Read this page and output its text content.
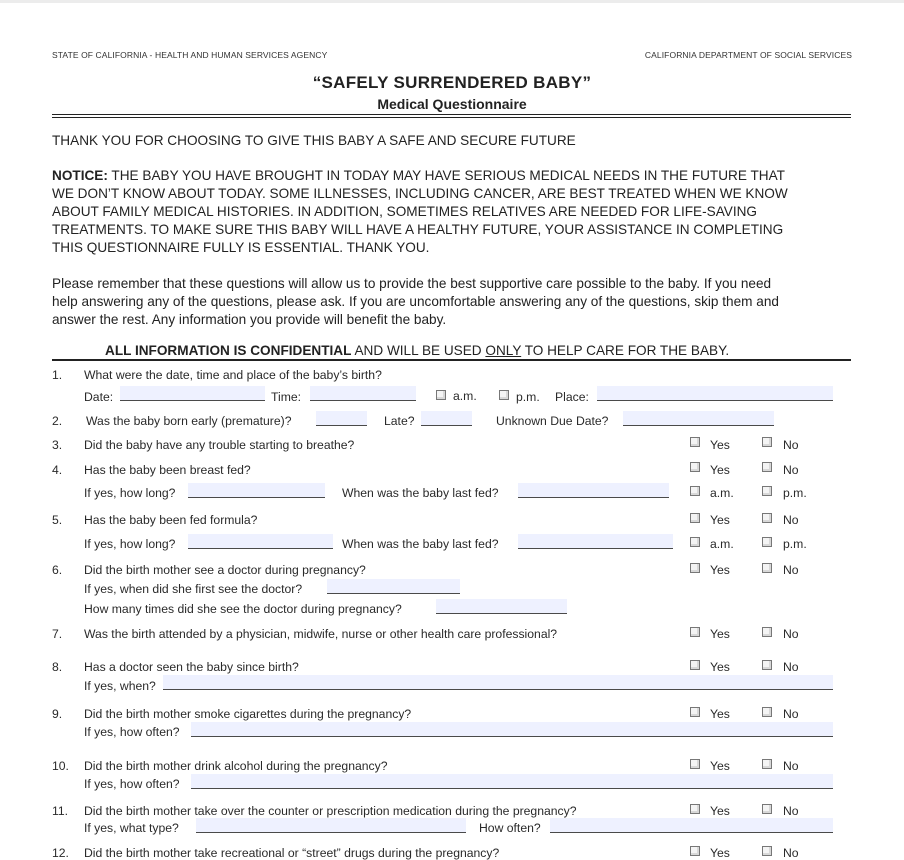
STATE OF CALIFORNIA - HEALTH AND HUMAN SERVICES AGENCY	CALIFORNIA DEPARTMENT OF SOCIAL SERVICES
“SAFELY SURRENDERED BABY”
Medical Questionnaire
THANK YOU FOR CHOOSING TO GIVE THIS BABY A SAFE AND SECURE FUTURE
NOTICE: THE BABY YOU HAVE BROUGHT IN TODAY MAY HAVE SERIOUS MEDICAL NEEDS IN THE FUTURE THAT
WE DON’T KNOW ABOUT TODAY. SOME ILLNESSES, INCLUDING CANCER, ARE BEST TREATED WHEN WE KNOW
ABOUT FAMILY MEDICAL HISTORIES. IN ADDITION, SOMETIMES RELATIVES ARE NEEDED FOR LIFE-SAVING
TREATMENTS. TO MAKE SURE THIS BABY WILL HAVE A HEALTHY FUTURE, YOUR ASSISTANCE IN COMPLETING
THIS QUESTIONNAIRE FULLY IS ESSENTIAL. THANK YOU.
Please remember that these questions will allow us to provide the best supportive care possible to the baby. If you need
help answering any of the questions, please ask. If you are uncomfortable answering any of the questions, skip them and
answer the rest. Any information you provide will benefit the baby.
ALL INFORMATION IS CONFIDENTIAL AND WILL BE USED ONLY TO HELP CARE FOR THE BABY.
1. What were the date, time and place of the baby’s birth?
Date:	Time:	a.m.	p.m. Place:
2. Was the baby born early (premature)?	Late?	Unknown Due Date?
3. Did the baby have any trouble starting to breathe?	Yes	No
4. Has the baby been breast fed?	Yes	No
If yes, how long?	When was the baby last fed?	a.m.	p.m.
5. Has the baby been fed formula?	Yes	No
If yes, how long?	When was the baby last fed?	a.m.	p.m.
6. Did the birth mother see a doctor during pregnancy?	Yes	No
If yes, when did she first see the doctor?
How many times did she see the doctor during pregnancy?
7. Was the birth attended by a physician, midwife, nurse or other health care professional?	Yes	No
8. Has a doctor seen the baby since birth?	Yes	No
If yes, when?
9. Did the birth mother smoke cigarettes during the pregnancy?	Yes	No
If yes, how often?
10. Did the birth mother drink alcohol during the pregnancy?	Yes	No
If yes, how often?
11. Did the birth mother take over the counter or prescription medication during the pregnancy?	Yes	No
If yes, what type?	How often?
12. Did the birth mother take recreational or “street” drugs during the pregnancy?	Yes	No
